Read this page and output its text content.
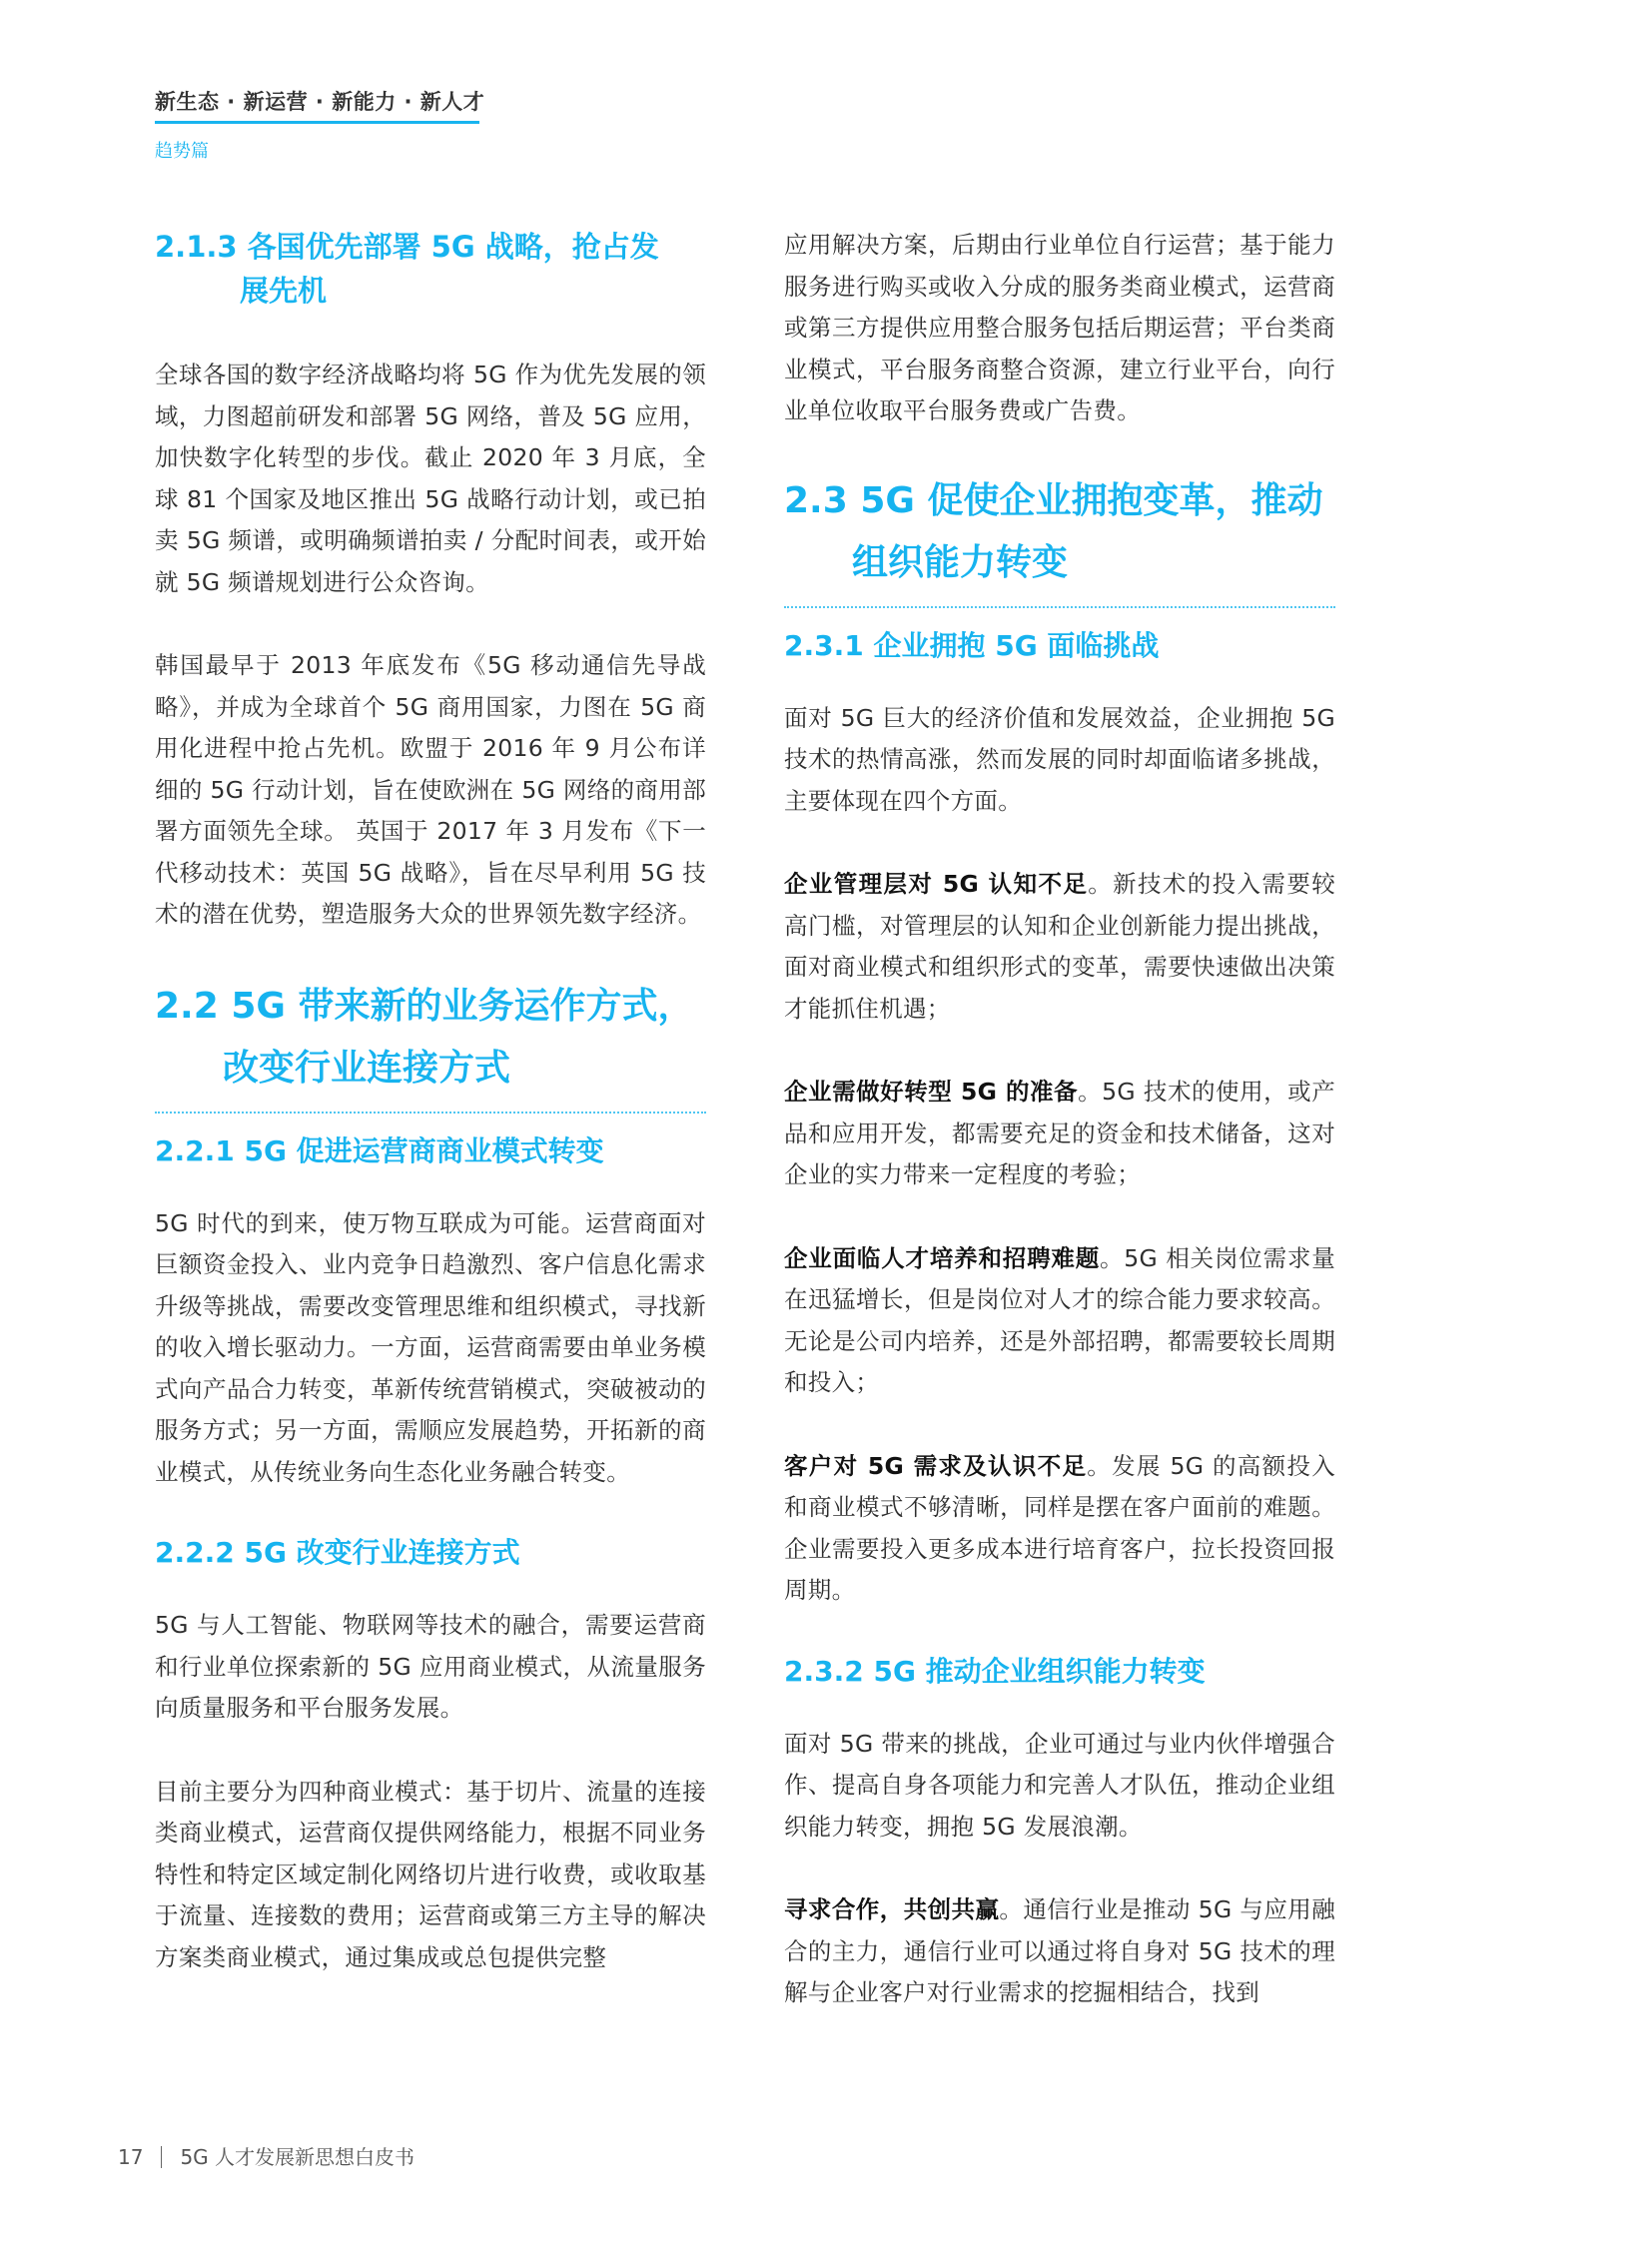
新生态 · 新运营 · 新能力 · 新人才
趋势篇
2.1.3 各国优先部署 5G 战略，抢占发
展先机

全球各国的数字经济战略均将 5G 作为优先发展的领域，力图超前研发和部署 5G 网络，普及 5G 应用，加快数字化转型的步伐。截止 2020 年 3 月底，全球 81 个国家及地区推出 5G 战略行动计划，或已拍卖 5G 频谱，或明确频谱拍卖 / 分配时间表，或开始就 5G 频谱规划进行公众咨询。

韩国最早于 2013 年底发布《5G 移动通信先导战略》，并成为全球首个 5G 商用国家，力图在 5G 商用化进程中抢占先机。欧盟于 2016 年 9 月公布详细的 5G 行动计划，旨在使欧洲在 5G 网络的商用部署方面领先全球。 英国于 2017 年 3 月发布《下一代移动技术：英国 5G 战略》，旨在尽早利用 5G 技术的潜在优势，塑造服务大众的世界领先数字经济。

2.2 5G 带来新的业务运作方式，
改变行业连接方式
2.2.1 5G 促进运营商商业模式转变

5G 时代的到来，使万物互联成为可能。运营商面对巨额资金投入、业内竞争日趋激烈、客户信息化需求升级等挑战，需要改变管理思维和组织模式，寻找新的收入增长驱动力。一方面，运营商需要由单业务模式向产品合力转变，革新传统营销模式，突破被动的服务方式；另一方面，需顺应发展趋势，开拓新的商业模式，从传统业务向生态化业务融合转变。

2.2.2 5G 改变行业连接方式

5G 与人工智能、物联网等技术的融合，需要运营商和行业单位探索新的 5G 应用商业模式，从流量服务向质量服务和平台服务发展。

目前主要分为四种商业模式：基于切片、流量的连接类商业模式，运营商仅提供网络能力，根据不同业务特性和特定区域定制化网络切片进行收费，或收取基于流量、连接数的费用；运营商或第三方主导的解决方案类商业模式，通过集成或总包提供完整

应用解决方案，后期由行业单位自行运营；基于能力服务进行购买或收入分成的服务类商业模式，运营商或第三方提供应用整合服务包括后期运营；平台类商业模式，平台服务商整合资源，建立行业平台，向行业单位收取平台服务费或广告费。

2.3 5G 促使企业拥抱变革，推动
组织能力转变
2.3.1 企业拥抱 5G 面临挑战

面对 5G 巨大的经济价值和发展效益，企业拥抱 5G 技术的热情高涨，然而发展的同时却面临诸多挑战，主要体现在四个方面。

企业管理层对 5G 认知不足。新技术的投入需要较高门槛，对管理层的认知和企业创新能力提出挑战，面对商业模式和组织形式的变革，需要快速做出决策才能抓住机遇；

企业需做好转型 5G 的准备。5G 技术的使用，或产品和应用开发，都需要充足的资金和技术储备，这对企业的实力带来一定程度的考验；

企业面临人才培养和招聘难题。5G 相关岗位需求量在迅猛增长，但是岗位对人才的综合能力要求较高。无论是公司内培养，还是外部招聘，都需要较长周期和投入；

客户对 5G 需求及认识不足。发展 5G 的高额投入和商业模式不够清晰，同样是摆在客户面前的难题。企业需要投入更多成本进行培育客户，拉长投资回报周期。

2.3.2 5G 推动企业组织能力转变

面对 5G 带来的挑战，企业可通过与业内伙伴增强合作、提高自身各项能力和完善人才队伍，推动企业组织能力转变，拥抱 5G 发展浪潮。

寻求合作，共创共赢。通信行业是推动 5G 与应用融合的主力，通信行业可以通过将自身对 5G 技术的理解与企业客户对行业需求的挖掘相结合，找到

17 5G 人才发展新思想白皮书
